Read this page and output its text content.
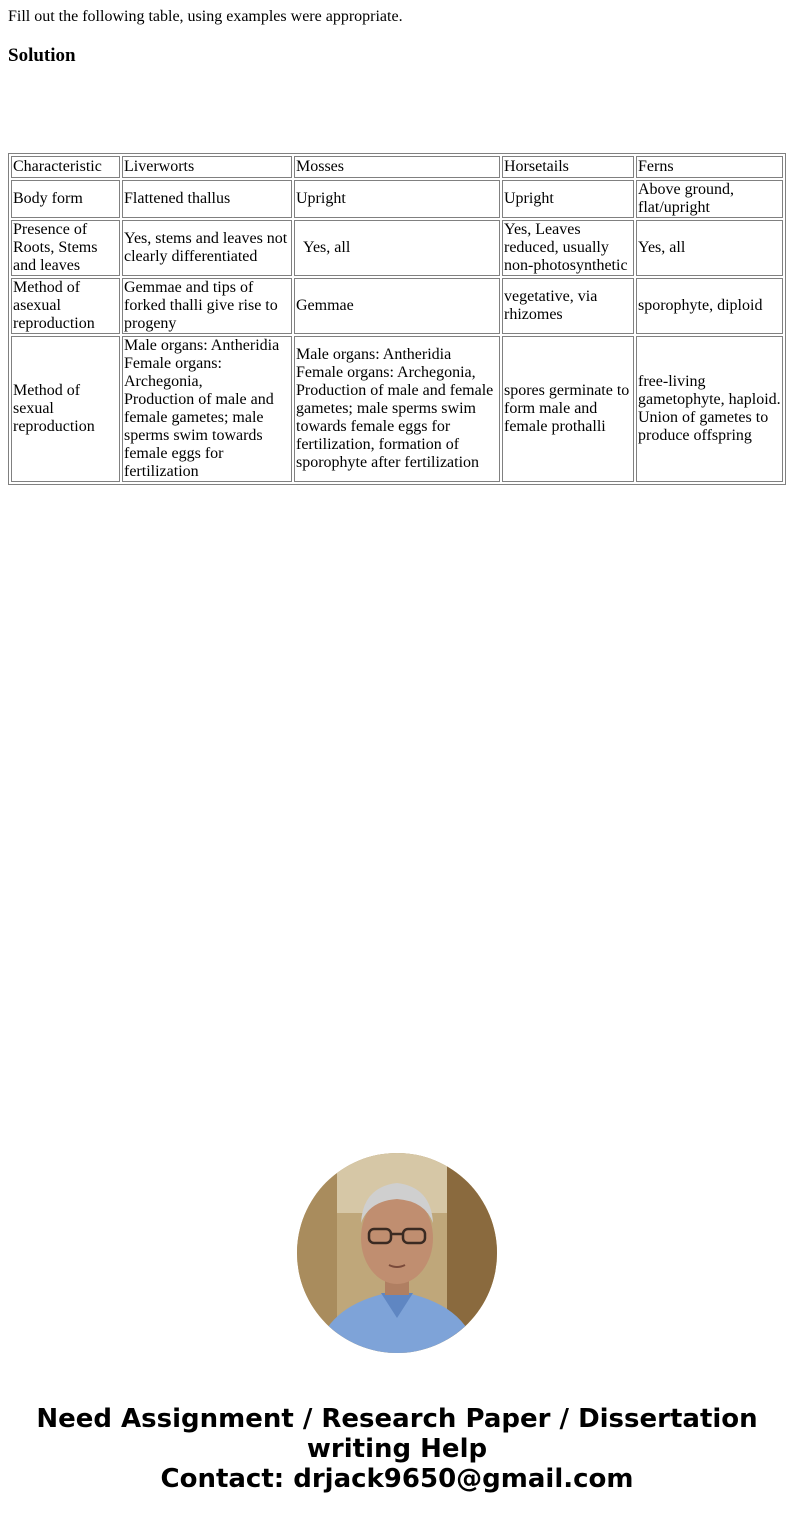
Fill out the following table, using examples were appropriate.

Solution
Characteristic	Liverworts	Mosses	Horsetails	Ferns
Body form	Flattened thallus	Upright	Upright	Above ground, flat/upright
Presence of Roots, Stems and leaves	Yes, stems and leaves not clearly differentiated	Yes, all	Yes, Leaves reduced, usually non-photosynthetic	Yes, all
Method of asexual reproduction	Gemmae and tips of forked thalli give rise to progeny	Gemmae	vegetative, via rhizomes	sporophyte, diploid
Method of sexual reproduction	Male organs: Antheridia
Female organs: Archegonia,
Production of male and female gametes; male sperms swim towards female eggs for fertilization	Male organs: Antheridia
Female organs: Archegonia,
Production of male and female gametes; male sperms swim towards female eggs for fertilization, formation of sporophyte after fertilization	spores germinate to form male and female prothalli	free-living gametophyte, haploid. Union of gametes to produce offspring
Need Assignment / Research Paper / Dissertation
writing Help
Contact: drjack9650@gmail.com
